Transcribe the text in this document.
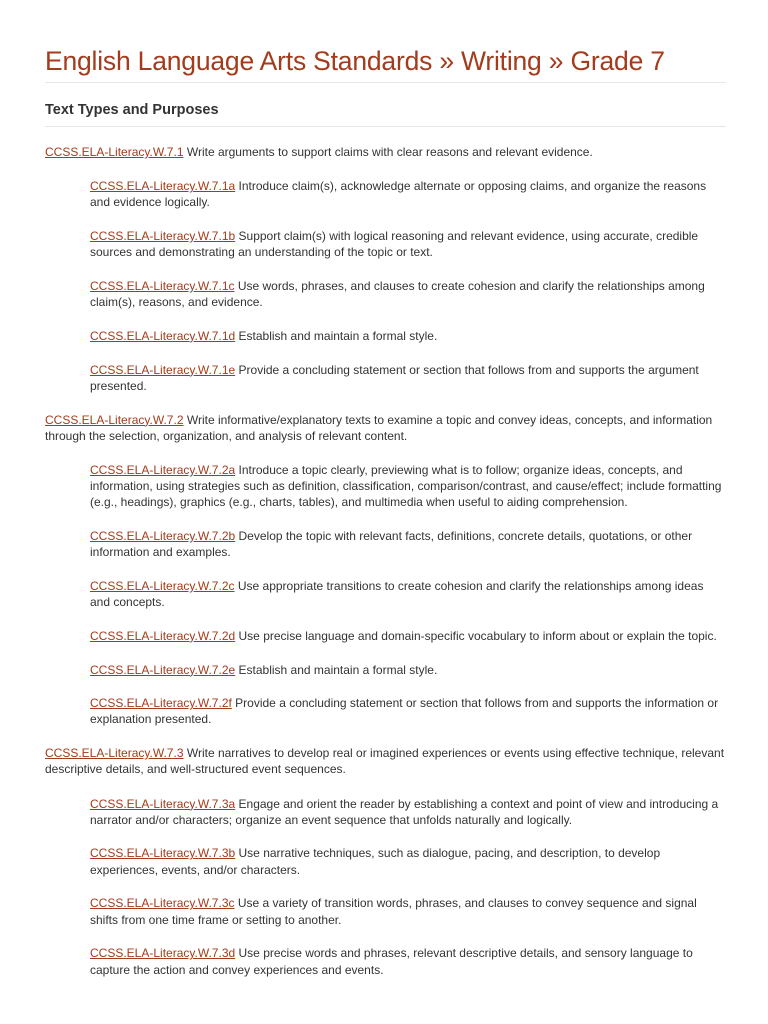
English Language Arts Standards » Writing » Grade 7
Text Types and Purposes

CCSS.ELA-Literacy.W.7.1 Write arguments to support claims with clear reasons and relevant evidence.

CCSS.ELA-Literacy.W.7.1a Introduce claim(s), acknowledge alternate or opposing claims, and organize the reasons and evidence logically.

CCSS.ELA-Literacy.W.7.1b Support claim(s) with logical reasoning and relevant evidence, using accurate, credible sources and demonstrating an understanding of the topic or text.

CCSS.ELA-Literacy.W.7.1c Use words, phrases, and clauses to create cohesion and clarify the relationships among claim(s), reasons, and evidence.

CCSS.ELA-Literacy.W.7.1d Establish and maintain a formal style.

CCSS.ELA-Literacy.W.7.1e Provide a concluding statement or section that follows from and supports the argument presented.

CCSS.ELA-Literacy.W.7.2 Write informative/explanatory texts to examine a topic and convey ideas, concepts, and information through the selection, organization, and analysis of relevant content.

CCSS.ELA-Literacy.W.7.2a Introduce a topic clearly, previewing what is to follow; organize ideas, concepts, and information, using strategies such as definition, classification, comparison/contrast, and cause/effect; include formatting (e.g., headings), graphics (e.g., charts, tables), and multimedia when useful to aiding comprehension.

CCSS.ELA-Literacy.W.7.2b Develop the topic with relevant facts, definitions, concrete details, quotations, or other information and examples.

CCSS.ELA-Literacy.W.7.2c Use appropriate transitions to create cohesion and clarify the relationships among ideas and concepts.

CCSS.ELA-Literacy.W.7.2d Use precise language and domain-specific vocabulary to inform about or explain the topic.

CCSS.ELA-Literacy.W.7.2e Establish and maintain a formal style.

CCSS.ELA-Literacy.W.7.2f Provide a concluding statement or section that follows from and supports the information or explanation presented.

CCSS.ELA-Literacy.W.7.3 Write narratives to develop real or imagined experiences or events using effective technique, relevant descriptive details, and well-structured event sequences.

CCSS.ELA-Literacy.W.7.3a Engage and orient the reader by establishing a context and point of view and introducing a narrator and/or characters; organize an event sequence that unfolds naturally and logically.

CCSS.ELA-Literacy.W.7.3b Use narrative techniques, such as dialogue, pacing, and description, to develop experiences, events, and/or characters.

CCSS.ELA-Literacy.W.7.3c Use a variety of transition words, phrases, and clauses to convey sequence and signal shifts from one time frame or setting to another.

CCSS.ELA-Literacy.W.7.3d Use precise words and phrases, relevant descriptive details, and sensory language to capture the action and convey experiences and events.
